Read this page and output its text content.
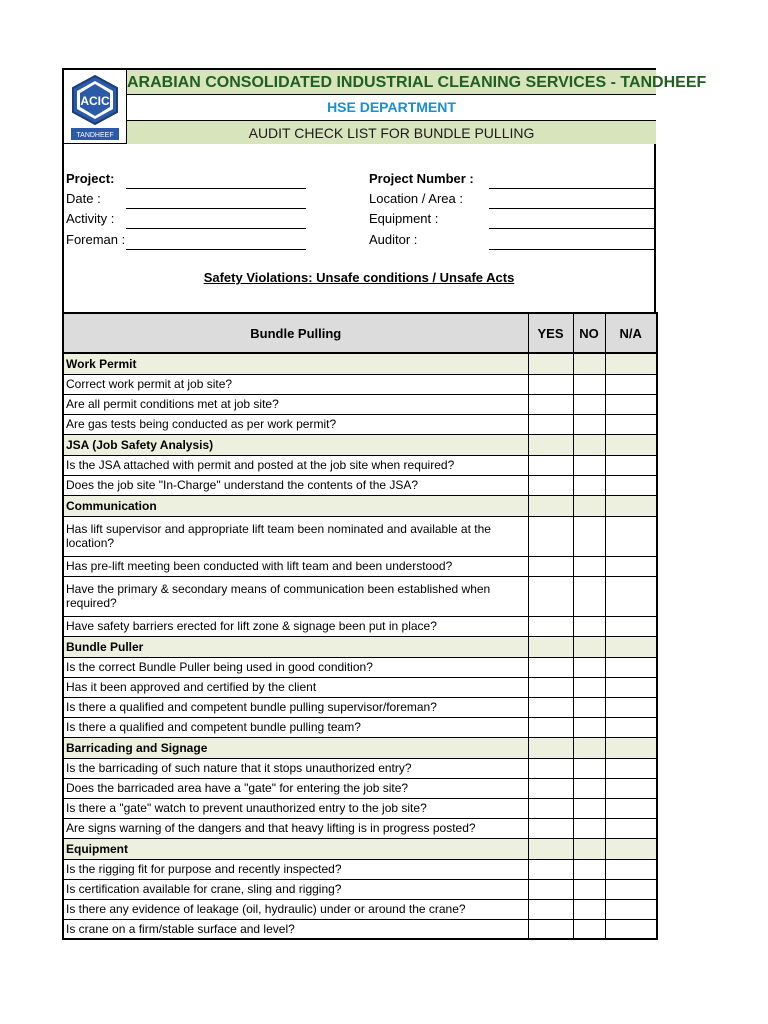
ACIC
TANDHEEF
ARABIAN CONSOLIDATED INDUSTRIAL CLEANING SERVICES - TANDHEEF
HSE DEPARTMENT
AUDIT CHECK LIST FOR BUNDLE PULLING
Project:
Date :
Activity :
Foreman :
Project Number :
Location / Area :
Equipment :
Auditor :
Safety Violations: Unsafe conditions / Unsafe Acts
Bundle Pulling	YES	NO	N/A
Work Permit			
Correct work permit at job site?			
Are all permit conditions met at job site?			
Are gas tests being conducted as per work permit?			
JSA (Job Safety Analysis)			
Is the JSA attached with permit and posted at the job site when required?			
Does the job site "In-Charge" understand the contents of the JSA?			
Communication			
Has lift supervisor and appropriate lift team been nominated and available at the location?			
Has pre-lift meeting been conducted with lift team and been understood?			
Have the primary & secondary means of communication been established when required?			
Have safety barriers erected for lift zone & signage been put in place?			
Bundle Puller			
Is the correct Bundle Puller being used in good condition?			
Has it been approved and certified by the client			
Is there a qualified and competent bundle pulling supervisor/foreman?			
Is there a qualified and competent bundle pulling team?			
Barricading and Signage			
Is the barricading of such nature that it stops unauthorized entry?			
Does the barricaded area have a "gate" for entering the job site?			
Is there a "gate" watch to prevent unauthorized entry to the job site?			
Are signs warning of the dangers and that heavy lifting is in progress posted?			
Equipment			
Is the rigging fit for purpose and recently inspected?			
Is certification available for crane, sling and rigging?			
Is there any evidence of leakage (oil, hydraulic) under or around the crane?			
Is crane on a firm/stable surface and level?			
